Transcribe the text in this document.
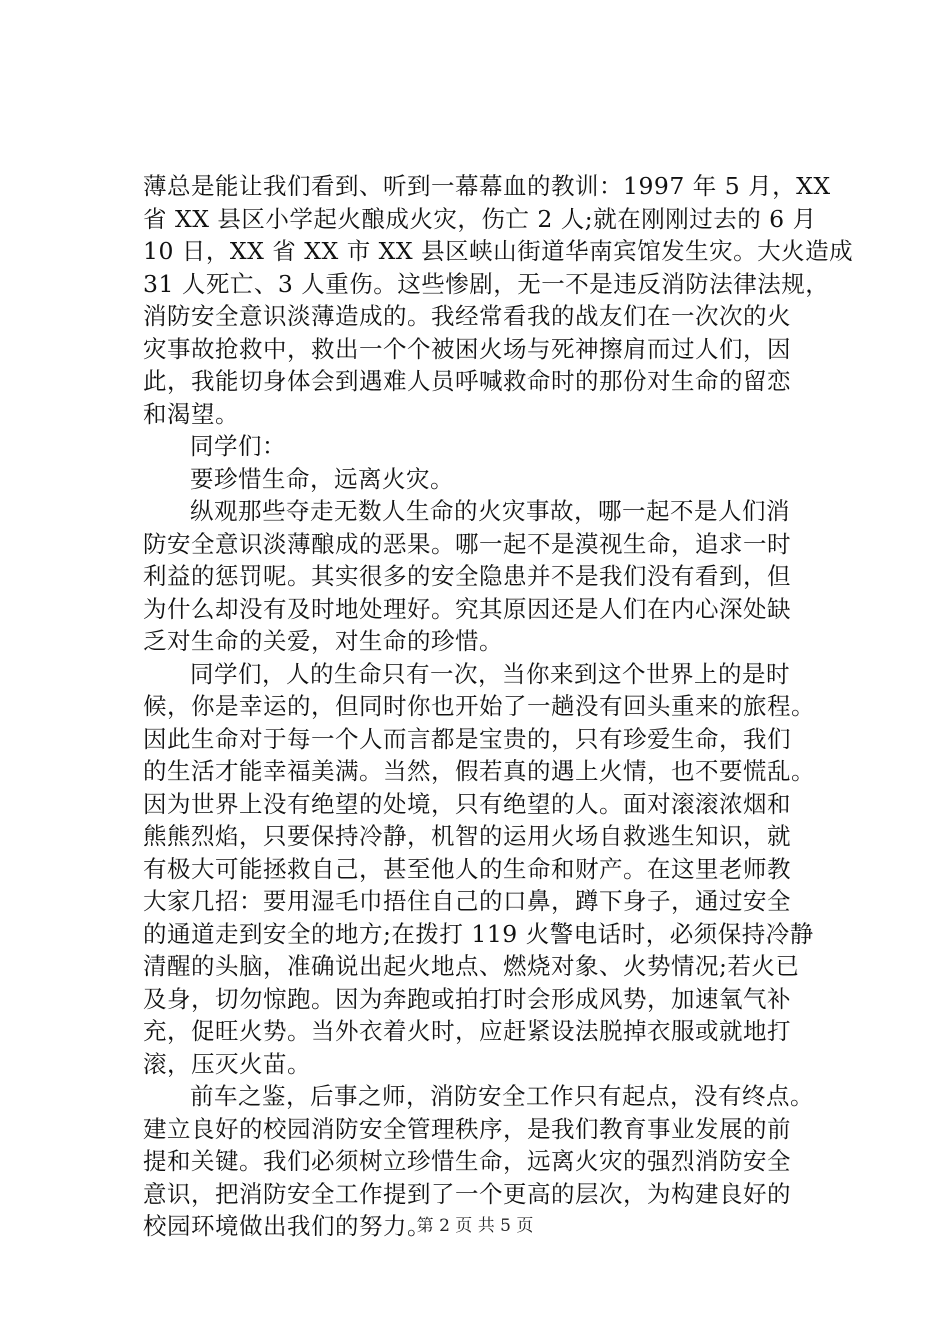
薄总是能让我们看到、听到一幕幕血的教训：1997 年 5 月，XX
省 XX 县区小学起火酿成火灾，伤亡 2 人;就在刚刚过去的 6 月
10 日，XX 省 XX 市 XX 县区峡山街道华南宾馆发生灾。大火造成
31 人死亡、3 人重伤。这些惨剧，无一不是违反消防法律法规，
消防安全意识淡薄造成的。我经常看我的战友们在一次次的火
灾事故抢救中，救出一个个被困火场与死神擦肩而过人们，因
此，我能切身体会到遇难人员呼喊救命时的那份对生命的留恋
和渴望。
同学们：
要珍惜生命，远离火灾。
纵观那些夺走无数人生命的火灾事故，哪一起不是人们消
防安全意识淡薄酿成的恶果。哪一起不是漠视生命，追求一时
利益的惩罚呢。其实很多的安全隐患并不是我们没有看到，但
为什么却没有及时地处理好。究其原因还是人们在内心深处缺
乏对生命的关爱，对生命的珍惜。
同学们，人的生命只有一次，当你来到这个世界上的是时
候，你是幸运的，但同时你也开始了一趟没有回头重来的旅程。
因此生命对于每一个人而言都是宝贵的，只有珍爱生命，我们
的生活才能幸福美满。当然，假若真的遇上火情，也不要慌乱。
因为世界上没有绝望的处境，只有绝望的人。面对滚滚浓烟和
熊熊烈焰，只要保持冷静，机智的运用火场自救逃生知识，就
有极大可能拯救自己，甚至他人的生命和财产。在这里老师教
大家几招：要用湿毛巾捂住自己的口鼻，蹲下身子，通过安全
的通道走到安全的地方;在拨打 119 火警电话时，必须保持冷静
清醒的头脑，准确说出起火地点、燃烧对象、火势情况;若火已
及身，切勿惊跑。因为奔跑或拍打时会形成风势，加速氧气补
充，促旺火势。当外衣着火时，应赶紧设法脱掉衣服或就地打
滚，压灭火苗。
前车之鉴，后事之师，消防安全工作只有起点，没有终点。
建立良好的校园消防安全管理秩序，是我们教育事业发展的前
提和关键。我们必须树立珍惜生命，远离火灾的强烈消防安全
意识，把消防安全工作提到了一个更高的层次，为构建良好的
校园环境做出我们的努力。
第 2 页 共 5 页
